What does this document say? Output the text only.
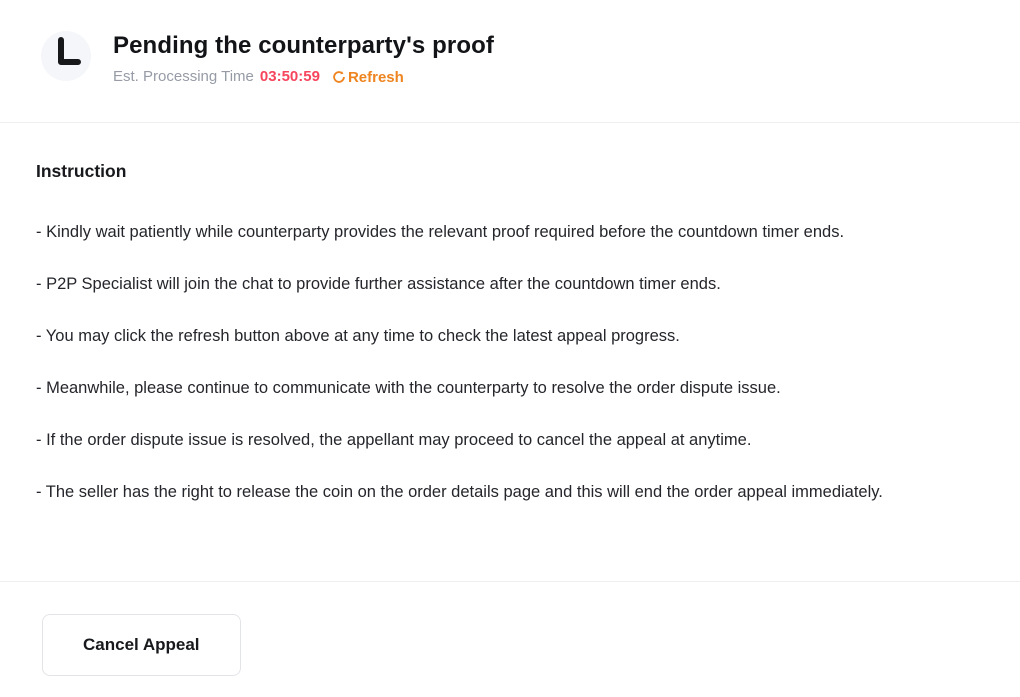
Pending the counterparty's proof
Est. Processing Time 03:50:59 Refresh
Instruction

- Kindly wait patiently while counterparty provides the relevant proof required before the countdown timer ends.

- P2P Specialist will join the chat to provide further assistance after the countdown timer ends.

- You may click the refresh button above at any time to check the latest appeal progress.

- Meanwhile, please continue to communicate with the counterparty to resolve the order dispute issue.

- If the order dispute issue is resolved, the appellant may proceed to cancel the appeal at anytime.

- The seller has the right to release the coin on the order details page and this will end the order appeal immediately.

Cancel Appeal
